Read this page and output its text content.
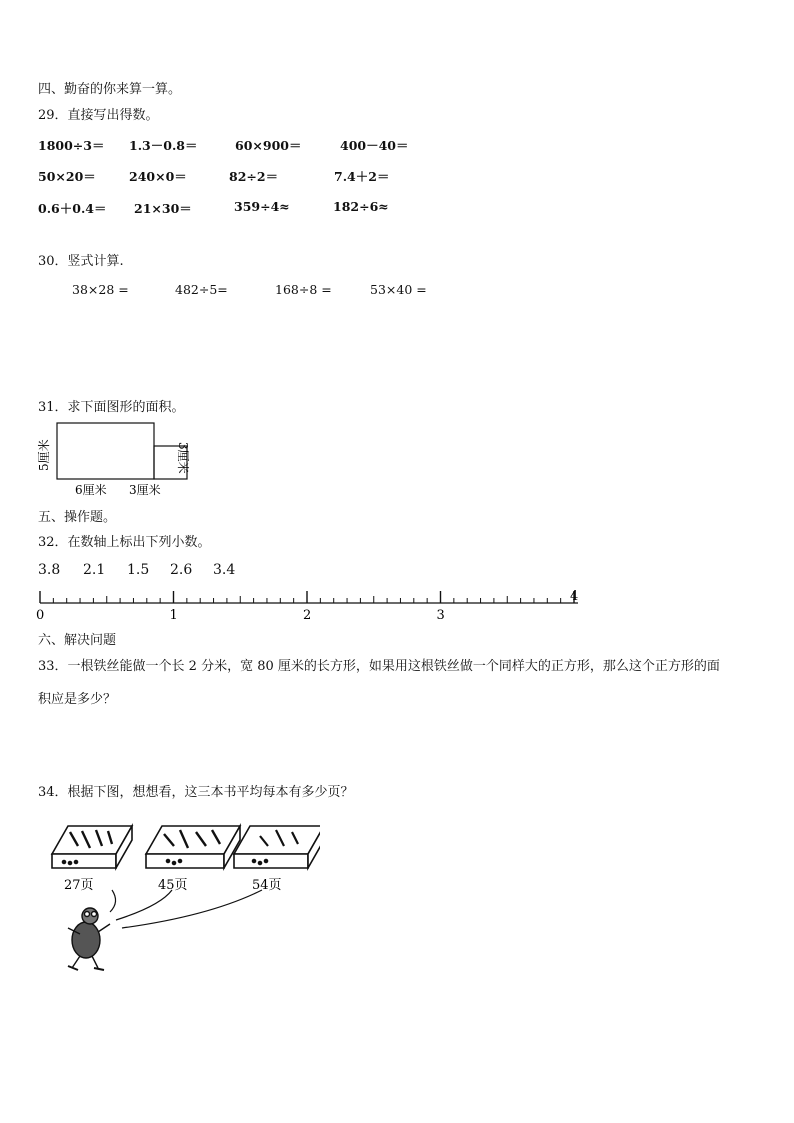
四、勤奋的你来算一算。
29．直接写出得数。
1800÷3＝ 1.3－0.8＝	60×900＝	400－40＝
50×20＝	240×0＝	82÷2＝	7.4＋2＝
0.6＋0.4＝ 21×30＝	359÷4≈	182÷6≈
30．竖式计算.
38×28 =	482÷5=	168÷8 =	53×40 =
31．求下面图形的面积。
5厘米	3厘米
6厘米 3厘米
五、操作题。
32．在数轴上标出下列小数。
3.8 2.1 1.5 2.6 3.4
0	1	2	3
4
六、解决问题
33．一根铁丝能做一个长 2 分米，宽 80 厘米的长方形，如果用这根铁丝做一个同样大的正方形，那么这个正方形的面
积应是多少？
34．根据下图，想想看，这三本书平均每本有多少页？
27页	45页	54页
